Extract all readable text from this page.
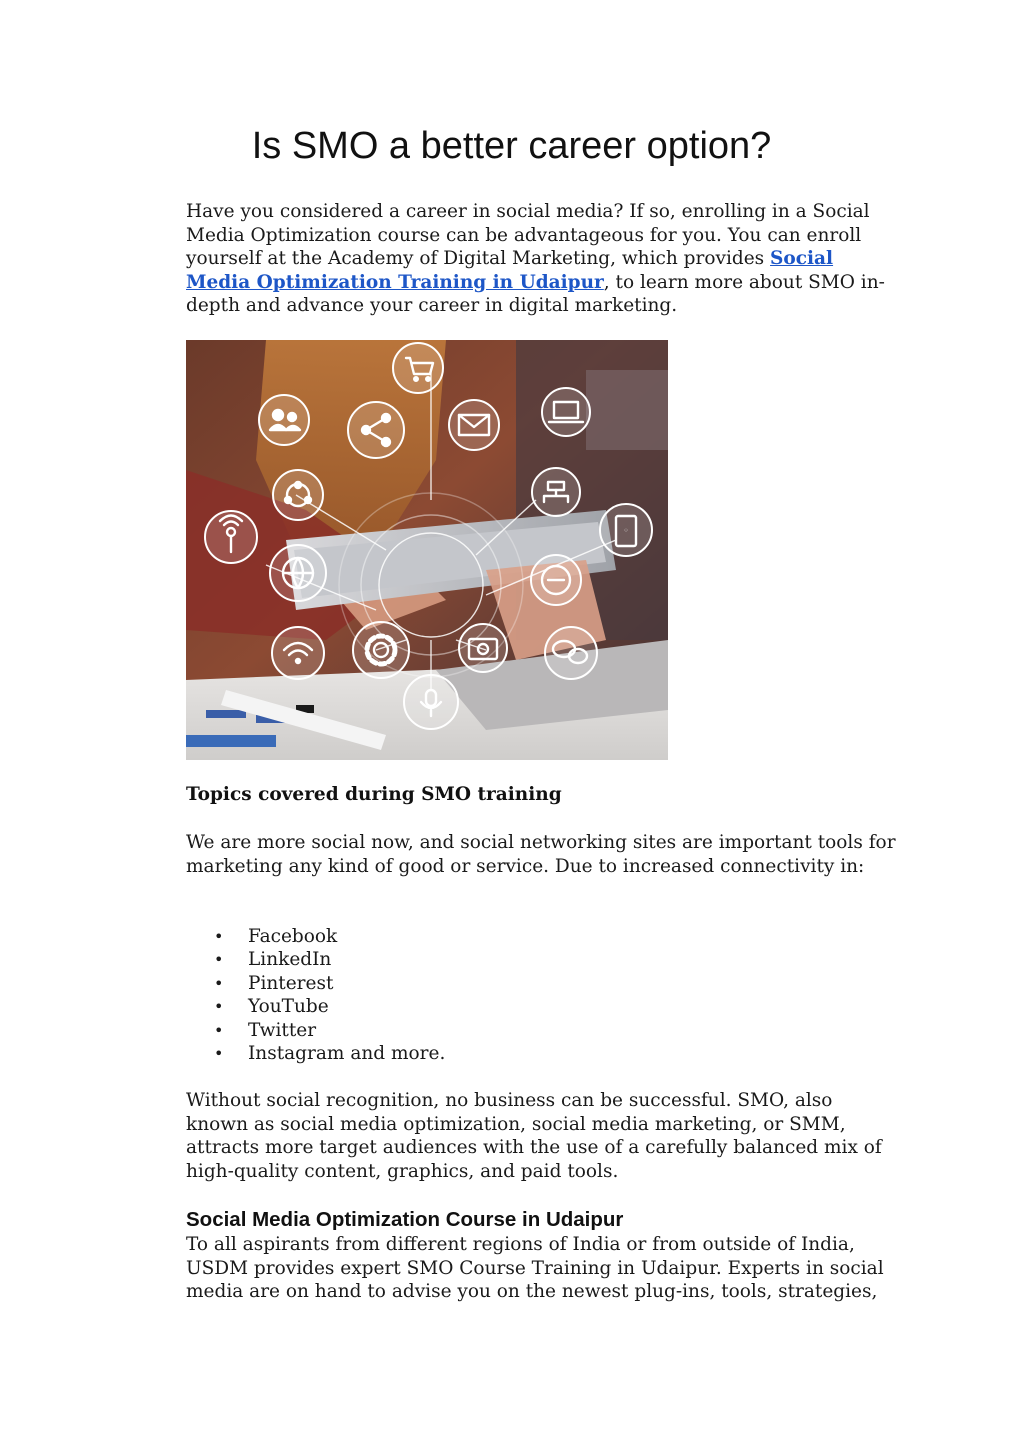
Is SMO a better career option?

Have you considered a career in social media? If so, enrolling in a Social Media Optimization course can be advantageous for you. You can enroll yourself at the Academy of Digital Marketing, which provides Social Media Optimization Training in Udaipur, to learn more about SMO in-depth and advance your career in digital marketing.

Topics covered during SMO training

We are more social now, and social networking sites are important tools for marketing any kind of good or service. Due to increased connectivity in:

• Facebook
• LinkedIn
• Pinterest
• YouTube
• Twitter
• Instagram and more.

Without social recognition, no business can be successful. SMO, also known as social media optimization, social media marketing, or SMM, attracts more target audiences with the use of a carefully balanced mix of high-quality content, graphics, and paid tools.

Social Media Optimization Course in Udaipur

To all aspirants from different regions of India or from outside of India, USDM provides expert SMO Course Training in Udaipur. Experts in social media are on hand to advise you on the newest plug-ins, tools, strategies,
